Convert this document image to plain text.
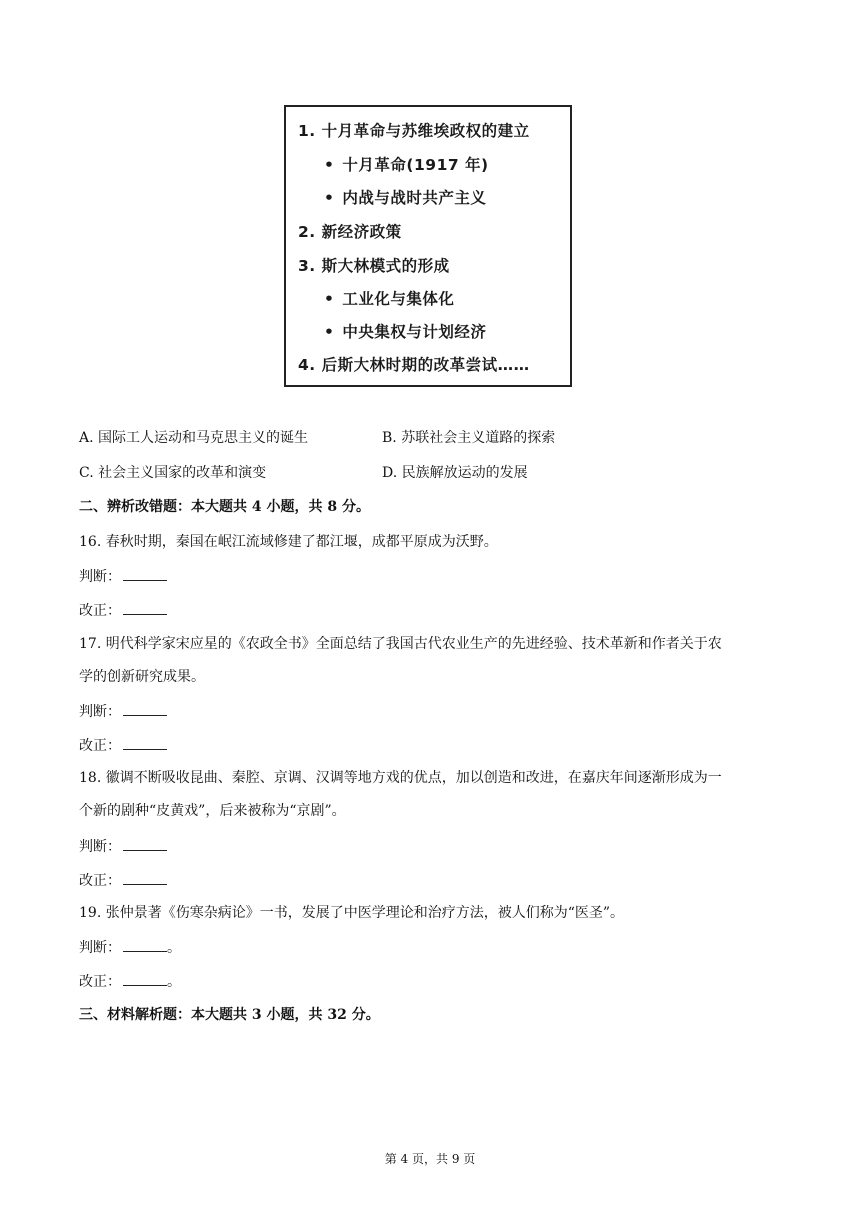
1. 十月革命与苏维埃政权的建立
• 十月革命(1917 年)
• 内战与战时共产主义
2. 新经济政策
3. 斯大林模式的形成
• 工业化与集体化
• 中央集权与计划经济
4. 后斯大林时期的改革尝试……
A. 国际工人运动和马克思主义的诞生	B. 苏联社会主义道路的探索
C. 社会主义国家的改革和演变	D. 民族解放运动的发展
二、辨析改错题：本大题共 4 小题，共 8 分。
16. 春秋时期，秦国在岷江流域修建了都江堰，成都平原成为沃野。
判断：
改正：
17. 明代科学家宋应星的《农政全书》全面总结了我国古代农业生产的先进经验、技术革新和作者关于农
学的创新研究成果。
判断：
改正：
18. 徽调不断吸收昆曲、秦腔、京调、汉调等地方戏的优点，加以创造和改进，在嘉庆年间逐渐形成为一
个新的剧种“皮黄戏”，后来被称为“京剧”。
判断：
改正：
19. 张仲景著《伤寒杂病论》一书，发展了中医学理论和治疗方法，被人们称为“医圣”。
判断：	。
改正：	。
三、材料解析题：本大题共 3 小题，共 32 分。
第 4 页，共 9 页
